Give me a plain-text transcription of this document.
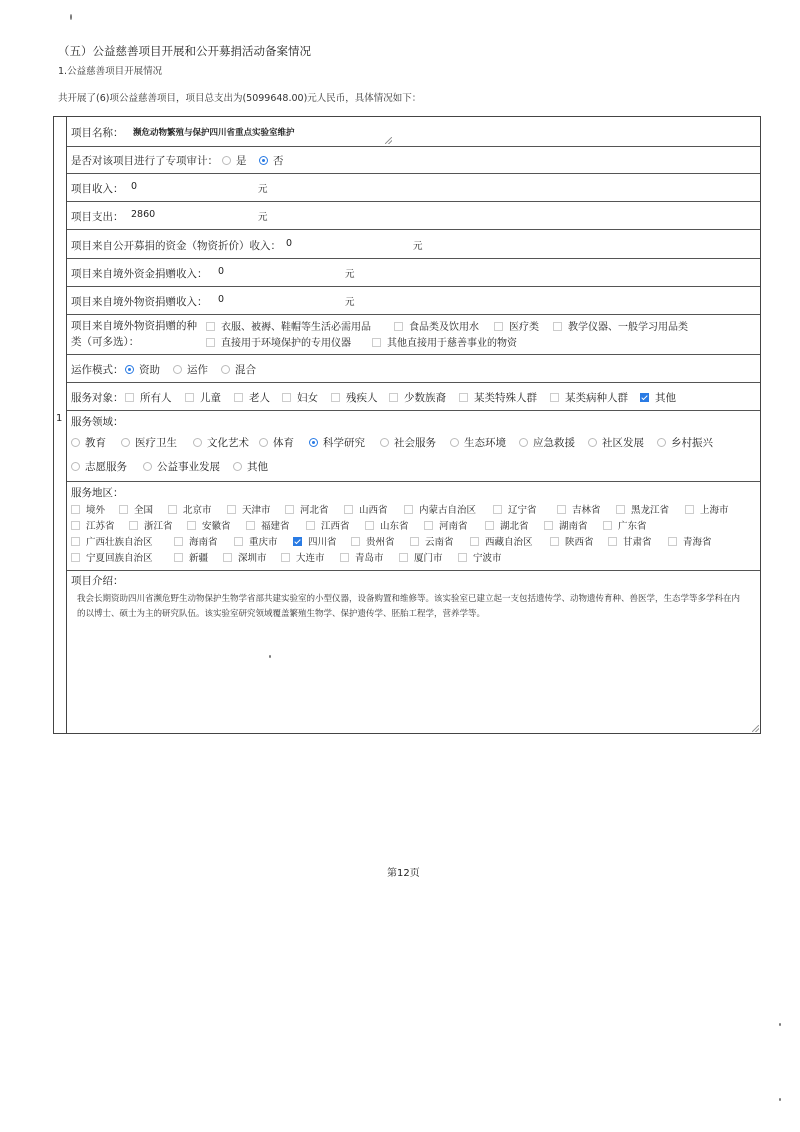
（五）公益慈善项目开展和公开募捐活动备案情况
1.公益慈善项目开展情况
共开展了(6)项公益慈善项目，项目总支出为(5099648.00)元人民币，具体情况如下：
1
项目名称： 濒危动物繁殖与保护四川省重点实验室维护
是否对该项目进行了专项审计：	是	否
项目收入： 0	元
项目支出： 2860	元
项目来自公开募捐的资金（物资折价）收入： 0	元
项目来自境外资金捐赠收入： 0	元
项目来自境外物资捐赠收入： 0	元
项目来自境外物资捐赠的种
类（可多选）：
衣服、被褥、鞋帽等生活必需用品	食品类及饮用水	医疗类	教学仪器、一般学习用品类
直接用于环境保护的专用仪器	其他直接用于慈善事业的物资
运作模式：	资助	运作	混合
服务对象：	所有人	儿童	老人	妇女	残疾人	少数族裔	某类特殊人群	某类病种人群	其他
服务领域：
教育	医疗卫生	文化艺术	体育	科学研究	社会服务	生态环境	应急救援	社区发展	乡村振兴
志愿服务	公益事业发展	其他
服务地区：
境外	全国	北京市	天津市	河北省	山西省	内蒙古自治区	辽宁省	吉林省	黑龙江省	上海市
江苏省	浙江省	安徽省	福建省	江西省	山东省	河南省	湖北省	湖南省	广东省
广西壮族自治区	海南省	重庆市	四川省	贵州省	云南省	西藏自治区	陕西省	甘肃省	青海省
宁夏回族自治区	新疆	深圳市	大连市	青岛市	厦门市	宁波市
项目介绍：
我会长期资助四川省濒危野生动物保护生物学省部共建实验室的小型仪器，设备购置和维修等。该实验室已建立起一支包括遗传学、动物遗传育种、兽医学，生态学等多学科在内的以博士、硕士为主的研究队伍。该实验室研究领域覆盖繁殖生物学、保护遗传学、胚胎工程学，营养学等。
第12页
